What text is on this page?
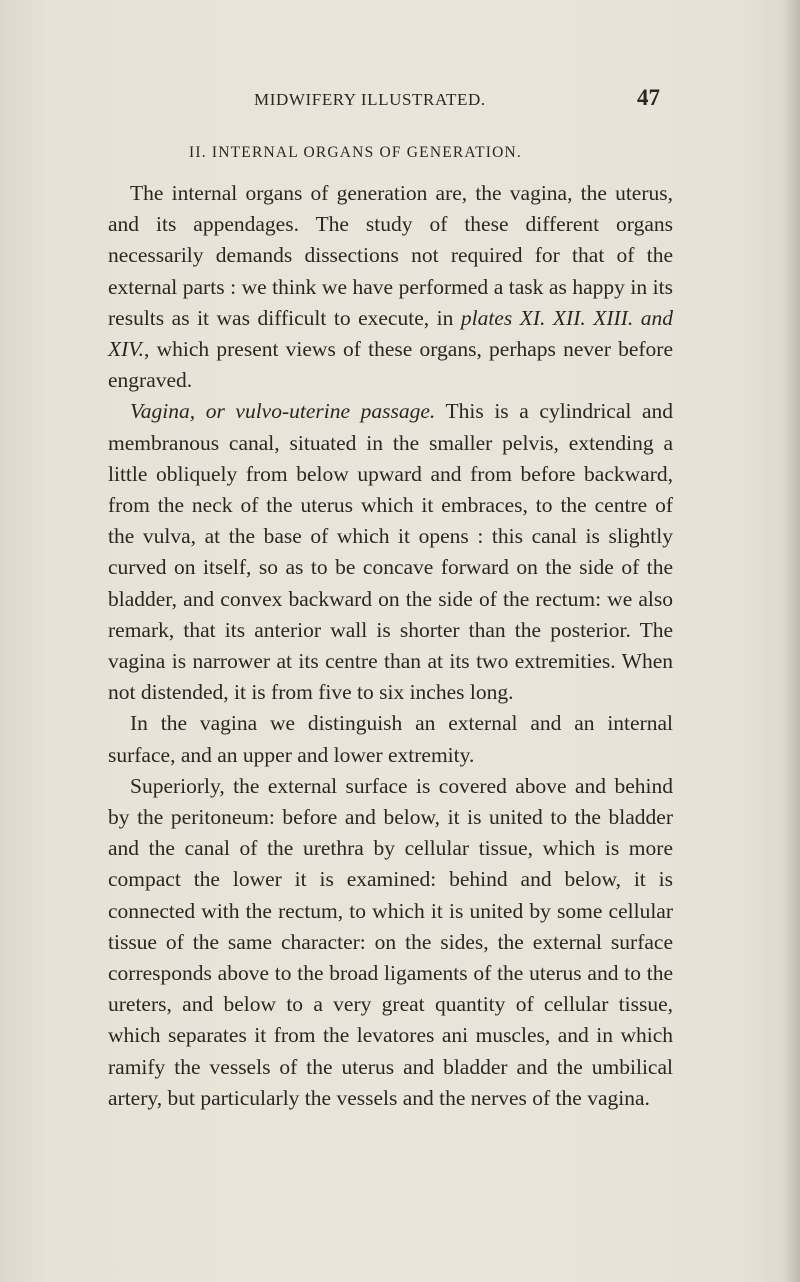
MIDWIFERY ILLUSTRATED.	47
II. INTERNAL ORGANS OF GENERATION.

The internal organs of generation are, the vagina, the uterus, and its appendages. The study of these different organs necessarily demands dissections not required for that of the external parts : we think we have performed a task as happy in its results as it was difficult to execute, in plates XI. XII. XIII. and XIV., which present views of these organs, perhaps never before engraved.

Vagina, or vulvo-uterine passage. This is a cylindrical and membranous canal, situated in the smaller pelvis, extending a little obliquely from below upward and from before backward, from the neck of the uterus which it embraces, to the centre of the vulva, at the base of which it opens : this canal is slightly curved on itself, so as to be concave forward on the side of the bladder, and convex backward on the side of the rectum: we also remark, that its anterior wall is shorter than the posterior. The vagina is narrower at its centre than at its two extremities. When not distended, it is from five to six inches long.

In the vagina we distinguish an external and an internal surface, and an upper and lower extremity.

Superiorly, the external surface is covered above and behind by the peritoneum: before and below, it is united to the bladder and the canal of the urethra by cellular tissue, which is more compact the lower it is examined: behind and below, it is connected with the rectum, to which it is united by some cellular tissue of the same character: on the sides, the external surface corresponds above to the broad ligaments of the uterus and to the ureters, and below to a very great quantity of cellular tissue, which separates it from the levatores ani muscles, and in which ramify the vessels of the uterus and bladder and the umbilical artery, but particularly the vessels and the nerves of the vagina.
